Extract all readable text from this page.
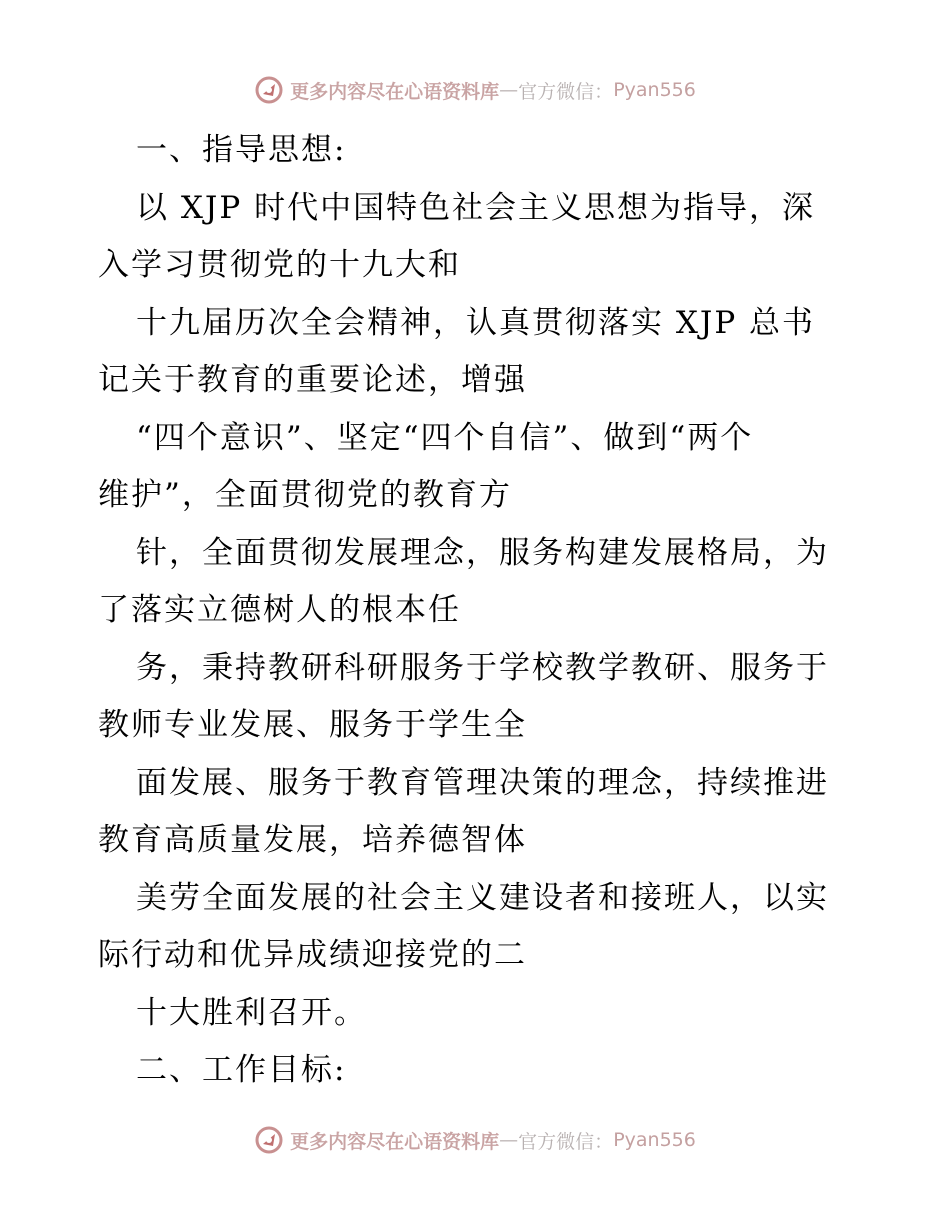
更多内容尽在心语资料库 — 官方微信： Pyan556
一、指导思想:
以 XJP 时代中国特色社会主义思想为指导，深
入学习贯彻党的十九大和
十九届历次全会精神，认真贯彻落实 XJP 总书
记关于教育的重要论述，增强
“四个意识”、坚定“四个自信”、做到“两个
维护”，全面贯彻党的教育方
针，全面贯彻发展理念，服务构建发展格局，为
了落实立德树人的根本任
务，秉持教研科研服务于学校教学教研、服务于
教师专业发展、服务于学生全
面发展、服务于教育管理决策的理念，持续推进
教育高质量发展，培养德智体
美劳全面发展的社会主义建设者和接班人，以实
际行动和优异成绩迎接党的二
十大胜利召开。
二、工作目标:
更多内容尽在心语资料库 — 官方微信： Pyan556
